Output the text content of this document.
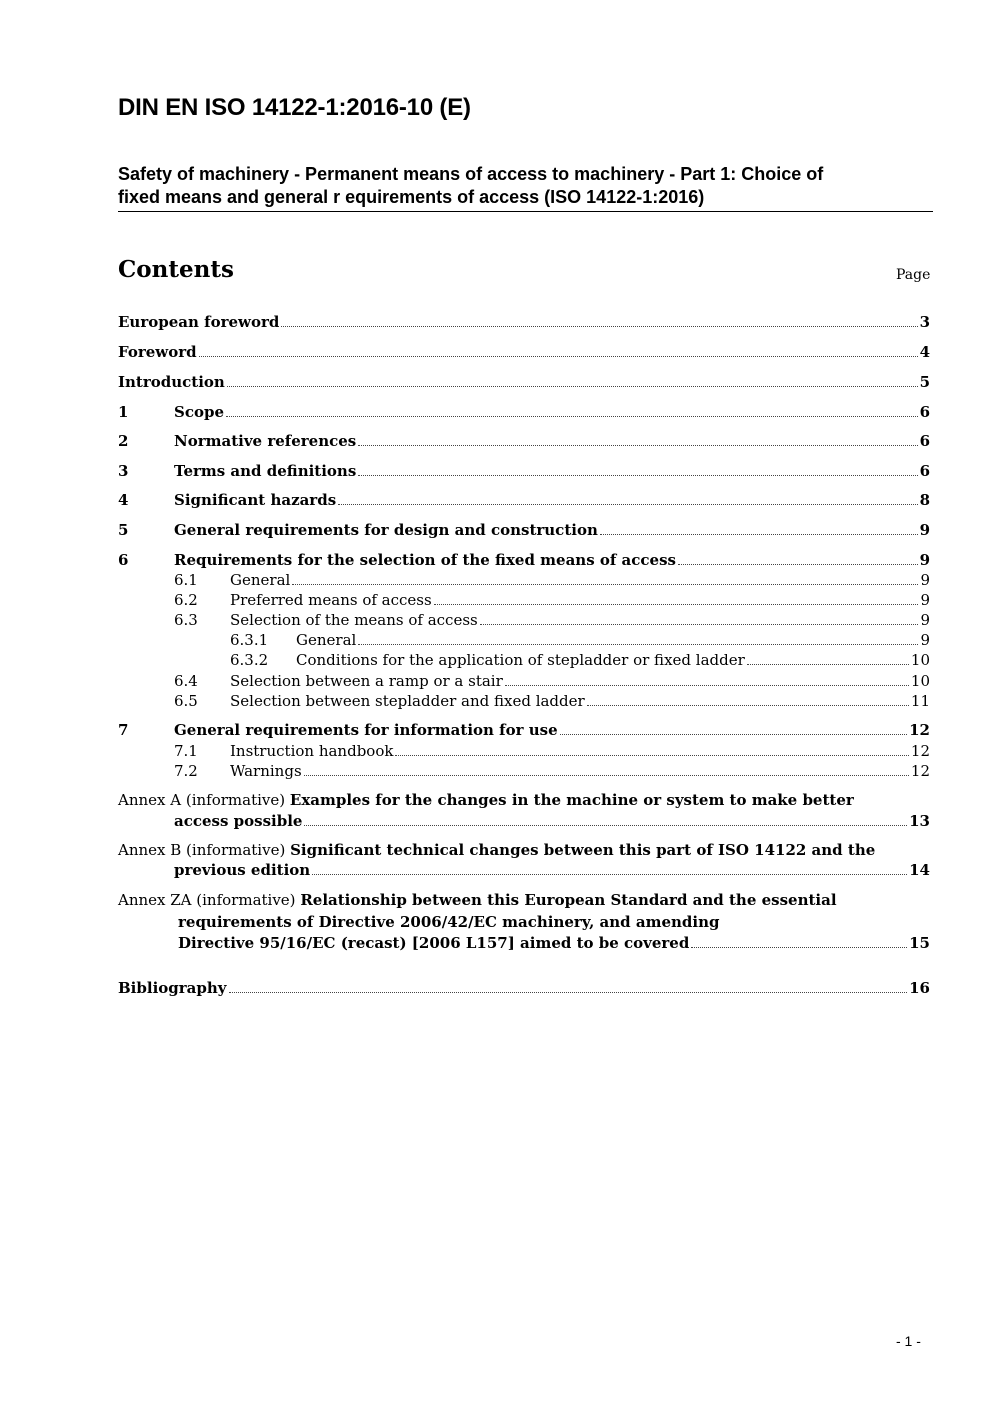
DIN EN ISO 14122-1:2016-10 (E)
Safety of machinery - Permanent means of access to machinery - Part 1: Choice of
fixed means and general r equirements of access (ISO 14122-1:2016)
Contents	Page
European foreword	3
Foreword	4
Introduction	5
1	Scope	6
2	Normative references	6
3	Terms and definitions	6
4	Significant hazards	8
5	General requirements for design and construction	9
6	Requirements for the selection of the fixed means of access	9
6.1	General	9
6.2	Preferred means of access	9
6.3	Selection of the means of access	9
6.3.1	General	9
6.3.2	Conditions for the application of stepladder or fixed ladder	10
6.4	Selection between a ramp or a stair	10
6.5	Selection between stepladder and fixed ladder	11
7	General requirements for information for use	12
7.1	Instruction handbook	12
7.2	Warnings	12
Annex A (informative) Examples for the changes in the machine or system to make better
access possible	13
Annex B (informative) Significant technical changes between this part of ISO 14122 and the
previous edition	14
Annex ZA (informative) Relationship between this European Standard and the essential
requirements of Directive 2006/42/EC machinery, and amending
Directive 95/16/EC (recast) [2006 L157] aimed to be covered	15
Bibliography	16
- 1 -
